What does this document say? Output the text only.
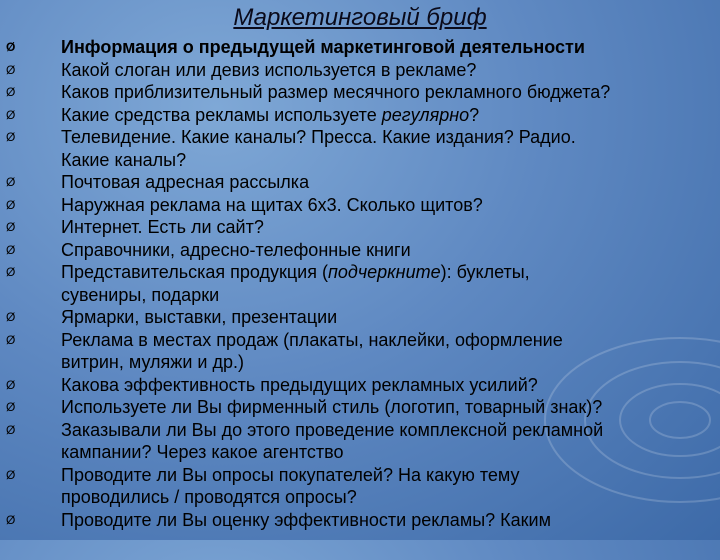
Маркетинговый бриф
Ø	Информация о предыдущей маркетинговой деятельности
Ø	Какой слоган или девиз используется в рекламе?
Ø	Каков приблизительный размер месячного рекламного бюджета?
Ø	Какие средства рекламы используете регулярно?
Ø	Телевидение. Какие каналы? Пресса. Какие издания? Радио.
Какие каналы?
Ø	Почтовая адресная рассылка
Ø	Наружная реклама на щитах 6х3. Сколько щитов?
Ø	Интернет. Есть ли сайт?
Ø	Справочники, адресно-телефонные книги
Ø	Представительская продукция (подчеркните): буклеты,
сувениры, подарки
Ø	Ярмарки, выставки, презентации
Ø	Реклама в местах продаж (плакаты, наклейки, оформление
витрин, муляжи и др.)
Ø	Какова эффективность предыдущих рекламных усилий?
Ø	Используете ли Вы фирменный стиль (логотип, товарный знак)?
Ø	Заказывали ли Вы до этого проведение комплексной рекламной
кампании? Через какое агентство
Ø	Проводите ли Вы опросы покупателей? На какую тему
проводились / проводятся опросы?
Ø	Проводите ли Вы оценку эффективности рекламы? Каким
